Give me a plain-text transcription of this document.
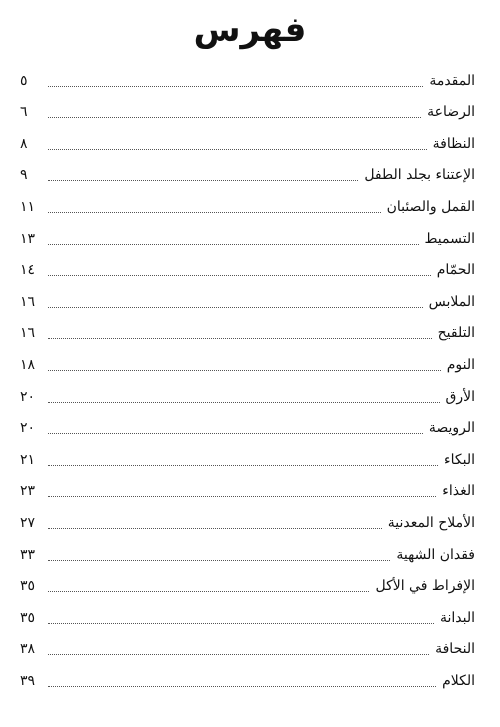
فهرس
٥	المقدمة
٦	الرضاعة
٨	النظافة
٩	الإعتناء بجلد الطفل
١١	القمل والصئبان
١٣	التسميط
١٤	الحمّام
١٦	الملابس
١٦	التلقيح
١٨	النوم
٢٠	الأرق
٢٠	الرويصة
٢١	البكاء
٢٣	الغذاء
٢٧	الأملاح المعدنية
٣٣	فقدان الشهية
٣٥	الإفراط في الأكل
٣٥	البدانة
٣٨	النحافة
٣٩	الكلام
